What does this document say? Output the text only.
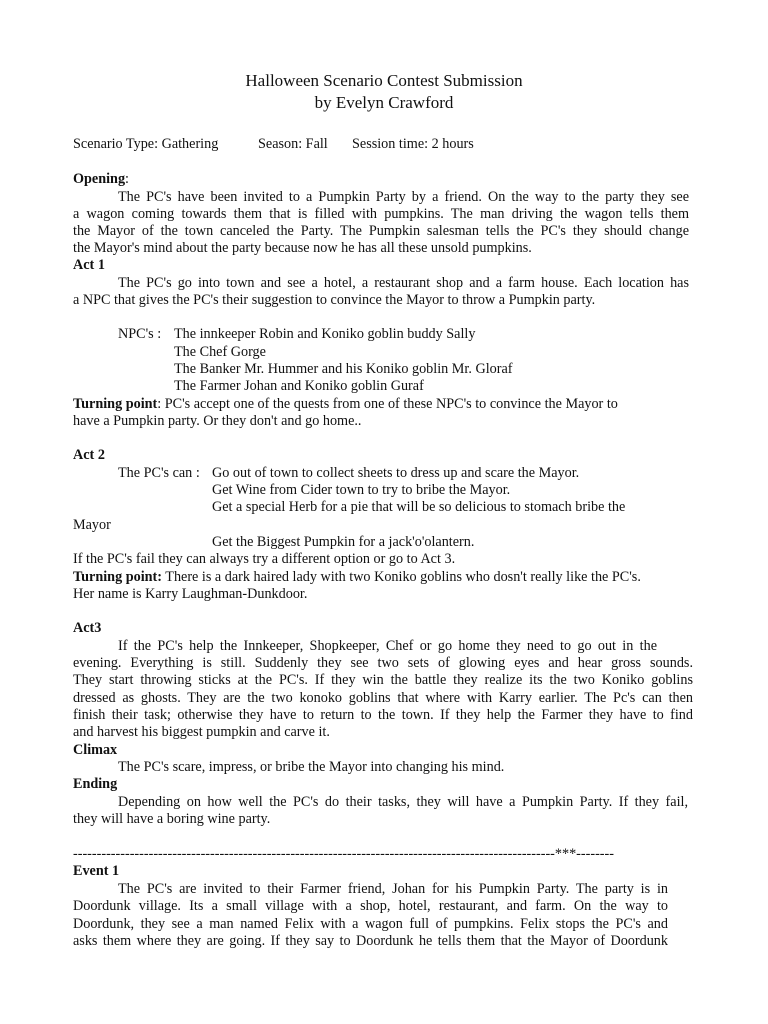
Halloween Scenario Contest Submission
by Evelyn Crawford
Scenario Type: Gathering	Season: Fall Session time: 2 hours
Opening:
The PC's have been invited to a Pumpkin Party by a friend. On the way to the party they see
a wagon coming towards them that is filled with pumpkins. The man driving the wagon tells them
the Mayor of the town canceled the Party. The Pumpkin salesman tells the PC's they should change
the Mayor's mind about the party because now he has all these unsold pumpkins.
Act 1
The PC's go into town and see a hotel, a restaurant shop and a farm house. Each location has
a NPC that gives the PC's their suggestion to convince the Mayor to throw a Pumpkin party.
NPC's : The innkeeper Robin and Koniko goblin buddy Sally
The Chef Gorge
The Banker Mr. Hummer and his Koniko goblin Mr. Gloraf
The Farmer Johan and Koniko goblin Guraf
Turning point: PC's accept one of the quests from one of these NPC's to convince the Mayor to
have a Pumpkin party. Or they don't and go home..
Act 2
The PC's can : Go out of town to collect sheets to dress up and scare the Mayor.
Get Wine from Cider town to try to bribe the Mayor.
Get a special Herb for a pie that will be so delicious to stomach bribe the
Mayor
Get the Biggest Pumpkin for a jack'o'olantern.
If the PC's fail they can always try a different option or go to Act 3.
Turning point: There is a dark haired lady with two Koniko goblins who dosn't really like the PC's.
Her name is Karry Laughman-Dunkdoor.
Act3
If the PC's help the Innkeeper, Shopkeeper, Chef or go home they need to go out in the
evening. Everything is still. Suddenly they see two sets of glowing eyes and hear gross sounds.
They start throwing sticks at the PC's. If they win the battle they realize its the two Koniko goblins
dressed as ghosts. They are the two konoko goblins that where with Karry earlier. The Pc's can then
finish their task; otherwise they have to return to the town. If they help the Farmer they have to find
and harvest his biggest pumpkin and carve it.
Climax
The PC's scare, impress, or bribe the Mayor into changing his mind.
Ending
Depending on how well the PC's do their tasks, they will have a Pumpkin Party. If they fail,
they will have a boring wine party.
------------------------------------------------------------------------------------------------------***--------
Event 1
The PC's are invited to their Farmer friend, Johan for his Pumpkin Party. The party is in
Doordunk village. Its a small village with a shop, hotel, restaurant, and farm. On the way to
Doordunk, they see a man named Felix with a wagon full of pumpkins. Felix stops the PC's and
asks them where they are going. If they say to Doordunk he tells them that the Mayor of Doordunk
